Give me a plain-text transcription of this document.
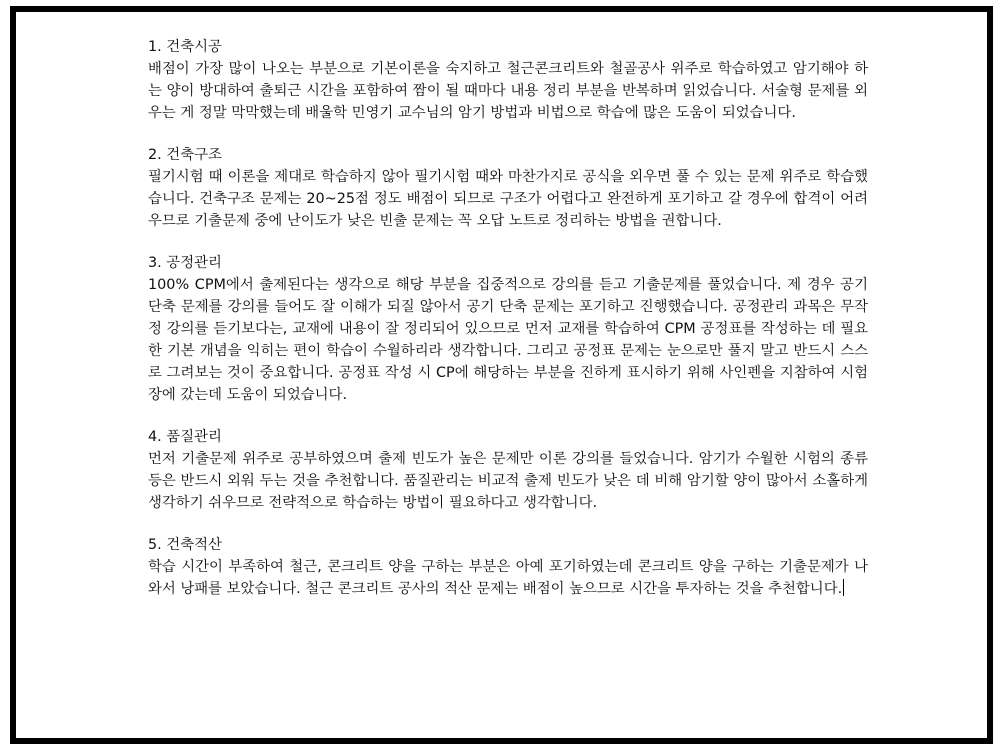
1. 건축시공
배점이 가장 많이 나오는 부분으로 기본이론을 숙지하고 철근콘크리트와 철골공사 위주로 학습하였고 암기해야 하는 양이 방대하여 출퇴근 시간을 포함하여 짬이 될 때마다 내용 정리 부분을 반복하며 읽었습니다. 서술형 문제를 외우는 게 정말 막막했는데 배울학 민영기 교수님의 암기 방법과 비법으로 학습에 많은 도움이 되었습니다.
2. 건축구조
필기시험 때 이론을 제대로 학습하지 않아 필기시험 때와 마찬가지로 공식을 외우면 풀 수 있는 문제 위주로 학습했습니다. 건축구조 문제는 20~25점 정도 배점이 되므로 구조가 어렵다고 완전하게 포기하고 갈 경우에 합격이 어려우므로 기출문제 중에 난이도가 낮은 빈출 문제는 꼭 오답 노트로 정리하는 방법을 권합니다.
3. 공정관리
100% CPM에서 출제된다는 생각으로 해당 부분을 집중적으로 강의를 듣고 기출문제를 풀었습니다. 제 경우 공기 단축 문제를 강의를 들어도 잘 이해가 되질 않아서 공기 단축 문제는 포기하고 진행했습니다. 공정관리 과목은 무작정 강의를 듣기보다는, 교재에 내용이 잘 정리되어 있으므로 먼저 교재를 학습하여 CPM 공정표를 작성하는 데 필요한 기본 개념을 익히는 편이 학습이 수월하리라 생각합니다. 그리고 공정표 문제는 눈으로만 풀지 말고 반드시 스스로 그려보는 것이 중요합니다. 공정표 작성 시 CP에 해당하는 부분을 진하게 표시하기 위해 사인펜을 지참하여 시험장에 갔는데 도움이 되었습니다.
4. 품질관리
먼저 기출문제 위주로 공부하였으며 출제 빈도가 높은 문제만 이론 강의를 들었습니다. 암기가 수월한 시험의 종류 등은 반드시 외워 두는 것을 추천합니다. 품질관리는 비교적 출제 빈도가 낮은 데 비해 암기할 양이 많아서 소홀하게 생각하기 쉬우므로 전략적으로 학습하는 방법이 필요하다고 생각합니다.
5. 건축적산
학습 시간이 부족하여 철근, 콘크리트 양을 구하는 부분은 아예 포기하였는데 콘크리트 양을 구하는 기출문제가 나와서 낭패를 보았습니다. 철근 콘크리트 공사의 적산 문제는 배점이 높으므로 시간을 투자하는 것을 추천합니다.
